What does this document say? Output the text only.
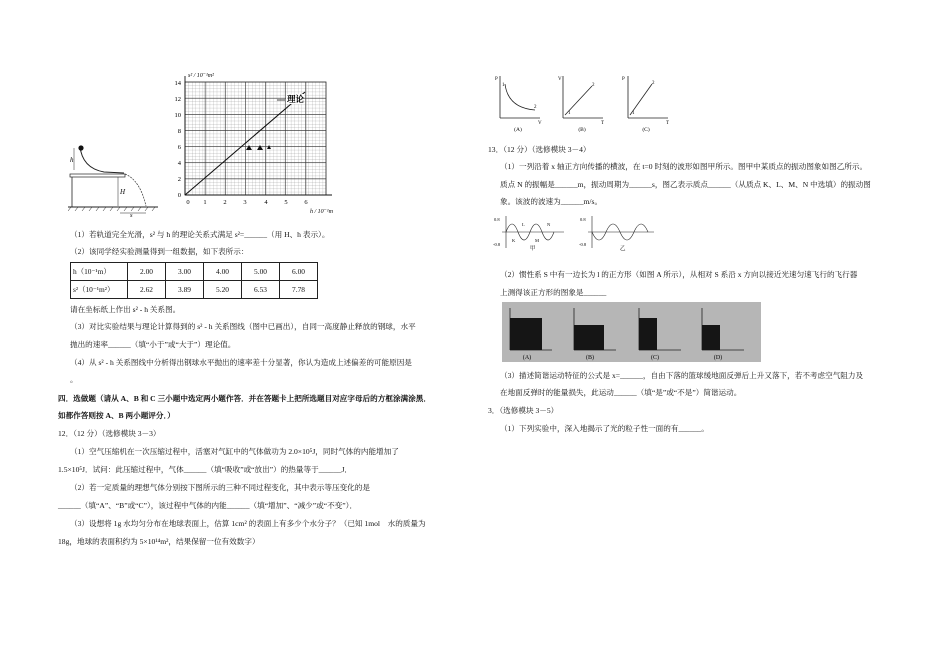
理论
0
2
4
6
8
10
12
14
0 1	2	3	4	5	6
s² / 10⁻¹m²
h / 10⁻¹m
h
H
s
（1）若轨道完全光滑，s² 与 h 的理论关系式满足 s²=______（用 H、h 表示）。
（2）该同学经实验测量得到一组数据，如下表所示：
h（10⁻¹m）	2.00	3.00	4.00	5.00	6.00
s²（10⁻¹m²）	2.62	3.89	5.20	6.53	7.78
请在坐标纸上作出 s² - h 关系图。
（3）对比实验结果与理论计算得到的 s² - h 关系图线（图中已画出），自同一高度静止释放的钢球，水平
抛出的速率______（填“小于”或“大于”）理论值。
（4）从 s² - h 关系图线中分析得出钢球水平抛出的速率差十分显著，你认为造成上述偏差的可能原因是
。
四．选做题（请从 A、B 和 C 三小题中选定两小题作答．并在答题卡上把所选题目对应字母后的方框涂满涂黑．
如都作答则按 A、B 两小题评分．）
12．（12 分）（选修模块 3－3）
（1）空气压缩机在一次压缩过程中，活塞对气缸中的气体做功为 2.0×10⁵J，同时气体的内能增加了
1.5×10⁵J．试问：此压缩过程中，气体______（填“吸收”或“放出”）的热量等于______J．
（2）若一定质量的理想气体分别按下图所示的三种不同过程变化，其中表示等压变化的是
______（填“A”、“B”或“C”），该过程中气体的内能______（填“增加”、“减少”或“不变”）．
（3）设想将 1g 水均匀分布在地球表面上，估算 1cm² 的表面上有多少个水分子？（已知 1mol　水的质量为
18g，地球的表面积约为 5×10¹⁴m²，结果保留一位有效数字）
P
V
V
T
P
T
1
2
2
1
2
1
(A)	(B)	(C)
13．（12 分）（选修模块 3－4）
（1）一列沿着 x 轴正方向传播的横波，在 t=0 时刻的波形如图甲所示。图甲中某质点的振动图象如图乙所示。
质点 N 的振幅是______m，振动周期为______s，图乙表示质点______（从质点 K、L、M、N 中选填）的振动图
象。该波的波速为______m/s。
0.8
-0.8
0.8
-0.8
K
L
M
N
甲	乙
（2）惯性系 S 中有一边长为 l 的正方形（如图 A 所示），从相对 S 系沿 x 方向以接近光速匀速飞行的飞行器
上测得该正方形的图象是______
(A)	(B)	(C)	(D)
（3）描述简谐运动特征的公式是 x=______，自由下落的篮球缓地面反弹后上升又落下，若不考虑空气阻力及
在地面反弹时的能量损失，此运动______（填“是”或“不是”）简谐运动。
3．（选修模块 3－5）
（1）下列实验中，深入地揭示了光的粒子性一面的有______。
